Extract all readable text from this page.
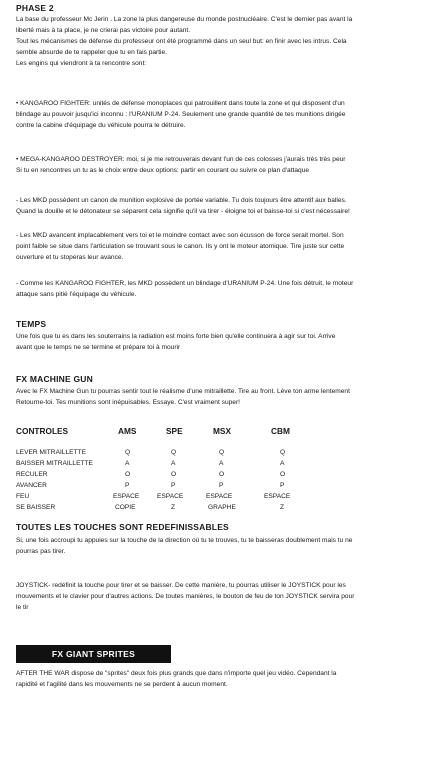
PHASE 2
La base du professeur Mc Jerin . La zone la plus dangereuse du monde postnucléaire. C'est le dernier pas avant la
liberté mais à ta place, je ne crierai pas victoire pour autant.
Tout les mécanismes de défense du professeur ont été programmé dans un seul but: en finir avec les intrus. Cela
semble absurde de te rappeler que tu en fais partie.
Les engins qui viendront à ta rencontre sont:
• KANGAROO FIGHTER: unités de défense monoplaces qui patrouillent dans toute la zone et qui disposent d'un
blindage au pouvoir jusqu'ici inconnu : l'URANIUM P-24. Seulement une grande quantité de tes munitions dirigée
contre la cabine d'équipage du véhicule pourra le détruire.
• MEGA-KANGAROO DESTROYER: moi, si je me retrouverais devant l'un de ces colosses j'aurais très très peur
Si tu en rencontres un tu as le choix entre deux options: partir en courant ou suivre ce plan d'attaque
- Les MKD possèdent un canon de munition explosive de portée variable. Tu dois toujours être attentif aux balles.
Quand la douille et le détonateur se séparent cela signifie qu'il va tirer - éloigne toi et baisse-toi si c'est nécessaire!
- Les MKD avancent implacablement vers toi et le moindre contact avec son écusson de force serait mortel. Son
point faible se situe dans l'articulation se trouvant sous le canon. Ils y ont le moteur atomique. Tire juste sur cette
ouverture et tu stoperas leur avance.
- Comme les KANGAROO FIGHTER, les MKD possèdent un blindage d'URANIUM P-24. Une fois détruit, le moteur
attaque sans pitié l'équipage du véhicule.
TEMPS
Une fois que tu es dans les souterrains la radiation est moins forte bien qu'elle continuera à agir sur toi. Arrive
avant que le temps ne se termine et prépare toi à mourir
FX MACHINE GUN
Avec le FX Machine Gun tu pourras sentir tout le réalisme d'une mitraillette. Tire au front. Lève ton arme lentement
Retourne-toi. Tes munitions sont inépuisables. Essaye. C'est vraiment super!
CONTROLES	AMS	SPE	MSX	CBM
LEVER MITRAILLETTE	Q	Q	Q	Q
BAISSER MITRAILLETTE	A	A	A	A
RECULER	O	O	O	O
AVANCER	P	P	P	P
FEU	ESPACE	ESPACE	ESPACE	ESPACE
SE BAISSER	COPIE	Z	GRAPHE	Z
TOUTES LES TOUCHES SONT REDEFINISSABLES
Si, une fois accroupi tu appuies sur la touche de la direction où tu te trouves, tu te baisseras doublement mais tu ne
pourras pas tirer.
JOYSTICK- redéfinit la touche pour tirer et se baisser. De cette manière, tu pourras utiliser le JOYSTICK pour les
mouvements et le clavier pour d'autres actions. De toutes manières, le bouton de feu de ton JOYSTICK servira pour
le tir
FX GIANT SPRITES
AFTER THE WAR dispose de "sprites" deux fois plus grands que dans n'importe quel jeu vidéo. Cependant la
rapidité et l'agilité dans les mouvements ne se perdent à aucun moment.
